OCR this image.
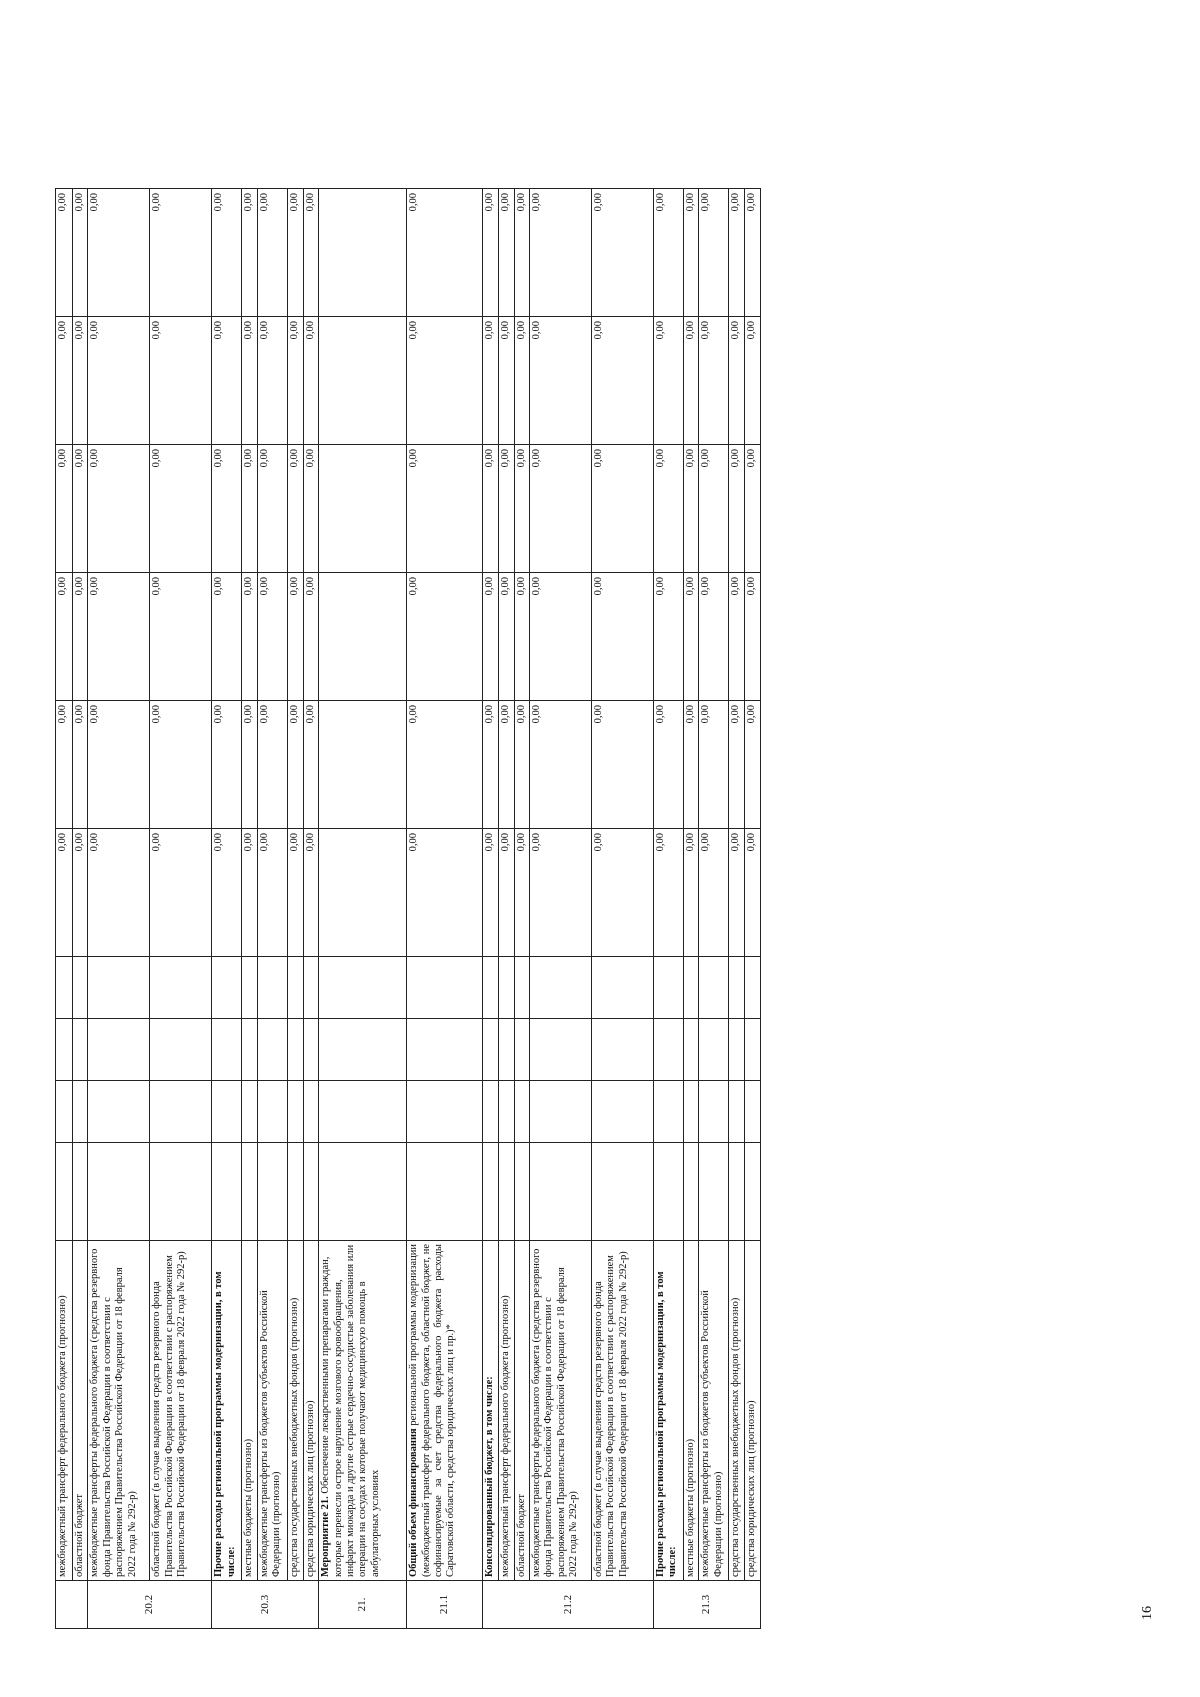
	межбюджетный трансферт федерального бюджета (прогнозно)					0,00	0,00	0,00	0,00	0,00	0,00
	областной бюджет					0,00	0,00	0,00	0,00	0,00	0,00
20.2	межбюджетные трансферты федерального бюджета (средства резервного фонда Правительства Российской Федерации в соответствии с распоряжением Правительства Российской Федерации от 18 февраля 2022 года № 292-р)					0,00	0,00	0,00	0,00	0,00	0,00
	областной бюджет (в случае выделения средств резервного фонда Правительства Российской Федерации в соответствии с распоряжением Правительства Российской Федерации от 18 февраля 2022 года № 292-р)					0,00	0,00	0,00	0,00	0,00	0,00
20.3	Прочие расходы региональной программы модернизации, в том числе:					0,00	0,00	0,00	0,00	0,00	0,00
	местные бюджеты (прогнозно)					0,00	0,00	0,00	0,00	0,00	0,00
	межбюджетные трансферты из бюджетов субъектов Российской Федерации (прогнозно)					0,00	0,00	0,00	0,00	0,00	0,00
	средства государственных внебюджетных фондов (прогнозно)					0,00	0,00	0,00	0,00	0,00	0,00
	средства юридических лиц (прогнозно)					0,00	0,00	0,00	0,00	0,00	0,00
21.	Мероприятие 21. Обеспечение лекарственными препаратами граждан, которые перенесли острое нарушение мозгового кровообращения, инфаркт миокарда и другие острые сердечно-сосудистые заболевания или операции на сосудах и которые получают медицинскую помощь в амбулаторных условиях										
21.1	Общий объем финансирования региональной программы модернизации (межбюджетный трансферт федерального бюджета, областной бюджет, не софинансируемые за счет средства федерального бюджета расходы Саратовской области, средства юридических лиц и пр.)*					0,00	0,00	0,00	0,00	0,00	0,00
21.2	Консолидированный бюджет, в том числе:					0,00	0,00	0,00	0,00	0,00	0,00
	межбюджетный трансферт федерального бюджета (прогнозно)					0,00	0,00	0,00	0,00	0,00	0,00
	областной бюджет					0,00	0,00	0,00	0,00	0,00	0,00
	межбюджетные трансферты федерального бюджета (средства резервного фонда Правительства Российской Федерации в соответствии с распоряжением Правительства Российской Федерации от 18 февраля 2022 года № 292-р)					0,00	0,00	0,00	0,00	0,00	0,00
	областной бюджет (в случае выделения средств резервного фонда Правительства Российской Федерации в соответствии с распоряжением Правительства Российской Федерации от 18 февраля 2022 года № 292-р)					0,00	0,00	0,00	0,00	0,00	0,00
21.3	Прочие расходы региональной программы модернизации, в том числе:					0,00	0,00	0,00	0,00	0,00	0,00
	местные бюджеты (прогнозно)					0,00	0,00	0,00	0,00	0,00	0,00
	межбюджетные трансферты из бюджетов субъектов Российской Федерации (прогнозно)					0,00	0,00	0,00	0,00	0,00	0,00
	средства государственных внебюджетных фондов (прогнозно)					0,00	0,00	0,00	0,00	0,00	0,00
	средства юридических лиц (прогнозно)					0,00	0,00	0,00	0,00	0,00	0,00
16
